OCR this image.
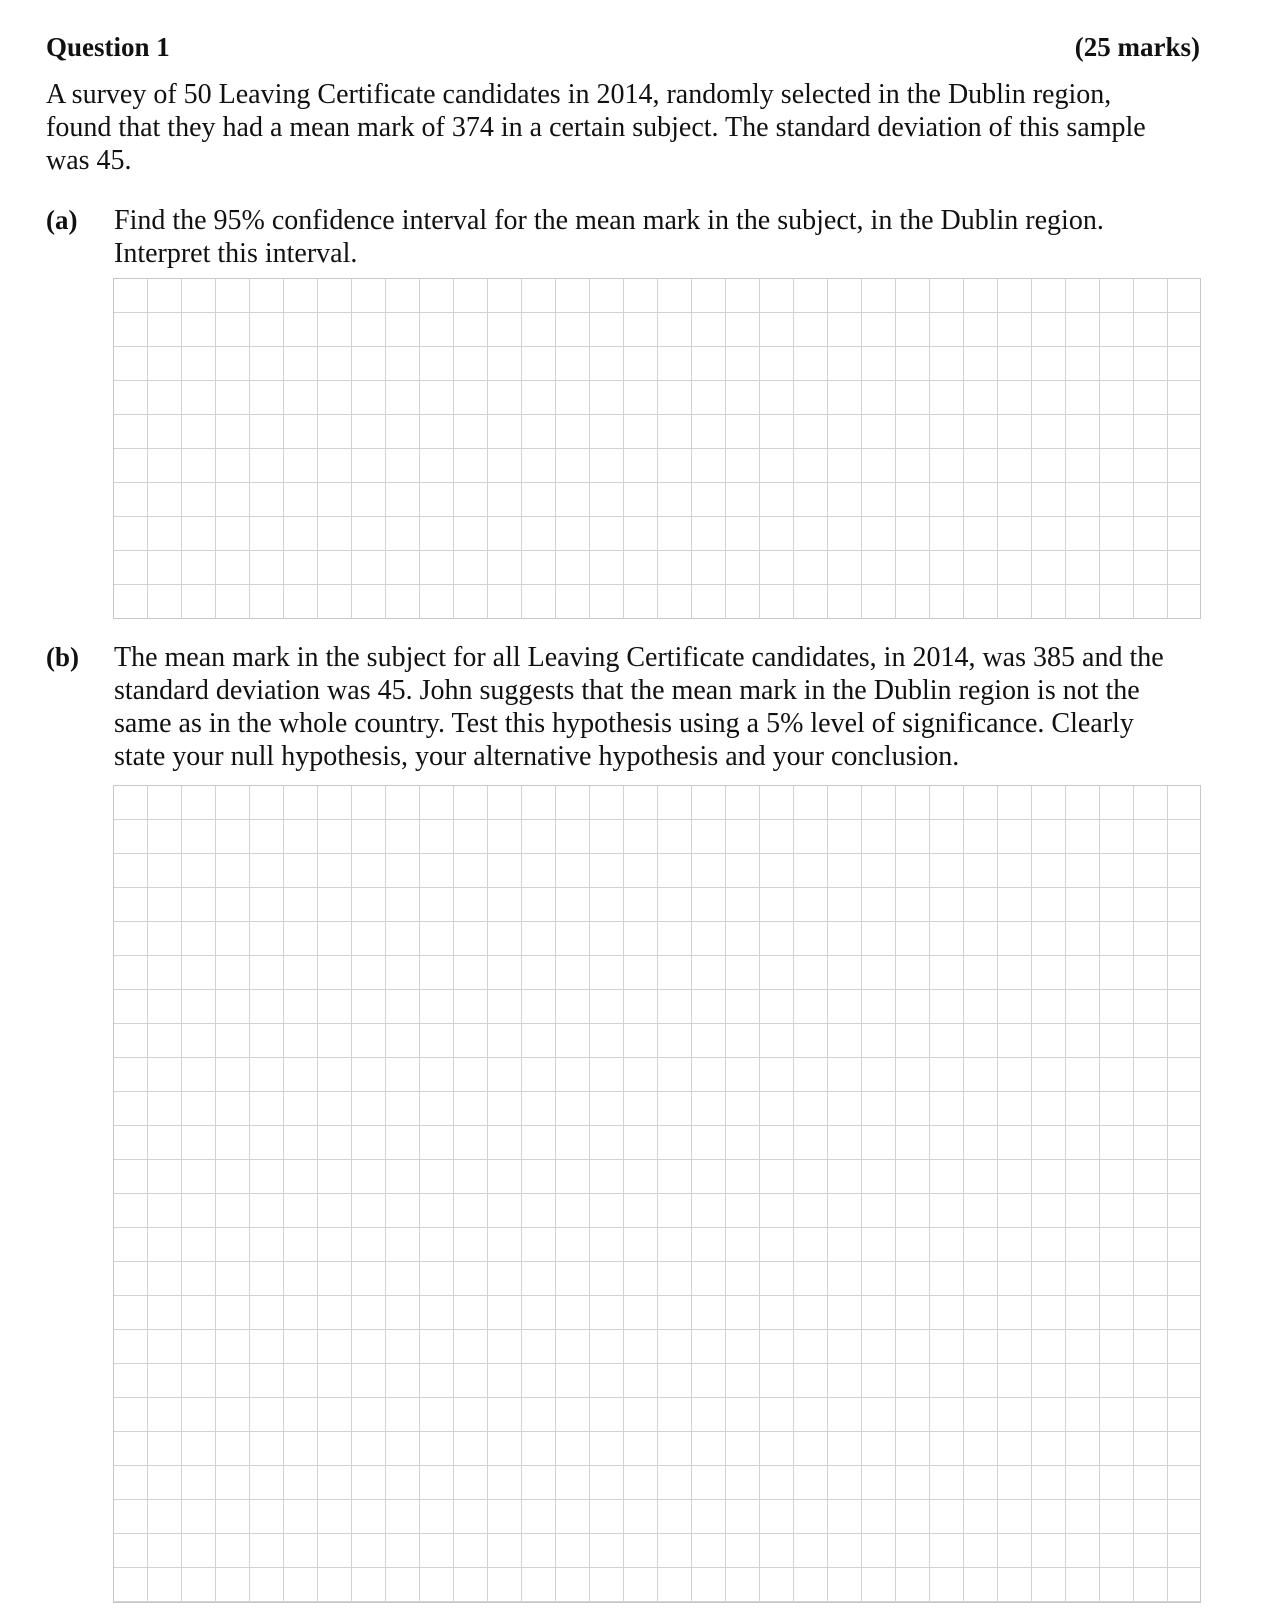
Question 1	(25 marks)
A survey of 50 Leaving Certificate candidates in 2014, randomly selected in the Dublin region,
found that they had a mean mark of 374 in a certain subject. The standard deviation of this sample
was 45.
(a) Find the 95% confidence interval for the mean mark in the subject, in the Dublin region.
Interpret this interval.
(b) The mean mark in the subject for all Leaving Certificate candidates, in 2014, was 385 and the
standard deviation was 45. John suggests that the mean mark in the Dublin region is not the
same as in the whole country. Test this hypothesis using a 5% level of significance. Clearly
state your null hypothesis, your alternative hypothesis and your conclusion.
